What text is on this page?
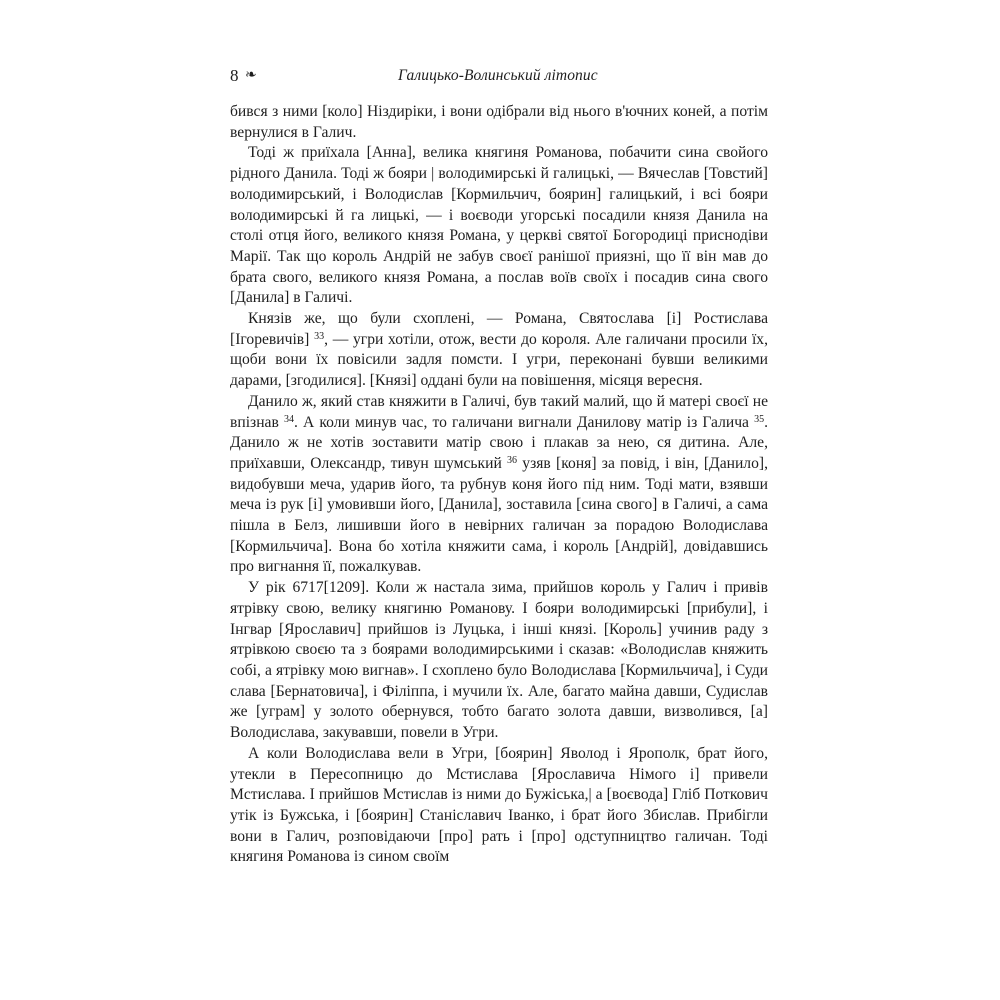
8 ❧	Галицько-Волинський літопис

бився з ними [коло] Ніздиріки, і вони одібрали від нього в'ючних коней, а потім вернулися в Галич.

Тоді ж приїхала [Анна], велика княгиня Романова, побачити сина свойого рідного Данила. Тоді ж бояри | володимирські й галицькі, — Вячеслав [Товстий] володимирський, і Володислав [Кормильчич, боярин] галицький, і всі бояри володимирські й га лицькі, — і воєводи угорські посадили князя Данила на столі отця його, великого князя Романа, у церкві святої Богородиці приснодіви Марії. Так що король Андрій не забув своєї ранішої приязні, що її він мав до брата свого, великого князя Романа, а послав воїв своїх і посадив сина свого [Данила] в Галичі.

Князів же, що були схоплені, — Романа, Святослава [і] Ростислава [Ігоревичів] $^{33}$, — угри хотіли, отож, вести до короля. Але галичани просили їх, щоби вони їх повісили задля помсти. І угри, переконані бувши великими дарами, [згодилися]. [Князі] оддані були на повішення, місяця вересня.

Данило ж, який став княжити в Галичі, був такий малий, що й матері своєї не впізнав $^{34}$. А коли минув час, то галичани вигнали Данилову матір із Галича $^{35}$. Данило ж не хотів зоставити матір свою і плакав за нею, ся дитина. Але, приїхавши, Олександр, тивун шумський $^{36}$ узяв [коня] за повід, і він, [Данило], видобувши меча, ударив його, та рубнув коня його під ним. Тоді мати, взявши меча із рук [і] умовивши його, [Данила], зоставила [сина свого] в Галичі, а сама пішла в Белз, лишивши його в невірних галичан за порадою Володислава [Кормильчича]. Вона бо хотіла княжити сама, і король [Андрій], довідавшись про вигнання її, пожалкував.

У рік 6717[1209]. Коли ж настала зима, прийшов король у Галич і привів ятрівку свою, велику княгиню Романову. І бояри володимирські [прибули], і Інгвар [Ярославич] прийшов із Луцька, і інші князі. [Король] учинив раду з ятрівкою своєю та з боярами володимирськими і сказав: «Володислав княжить собі, а ятрівку мою вигнав». І схоплено було Володислава [Кормильчича], і Суди слава [Бернатовича], і Філіппа, і мучили їх. Але, багато майна давши, Судислав же [уграм] у золото обернувся, тобто багато золота давши, визволився, [а] Володислава, закувавши, повели в Угри.

А коли Володислава вели в Угри, [боярин] Яволод і Ярополк, брат його, утекли в Пересопницю до Мстислава [Ярославича Німого і] привели Мстислава. І прийшов Мстислав із ними до Бужіська,| а [воєвода] Гліб Поткович утік із Бужська, і [боярин] Станіславич Іванко, і брат його Збислав. Прибігли вони в Галич, розповідаючи [про] рать і [про] одступництво галичан. Тоді княгиня Романова із сином своїм
